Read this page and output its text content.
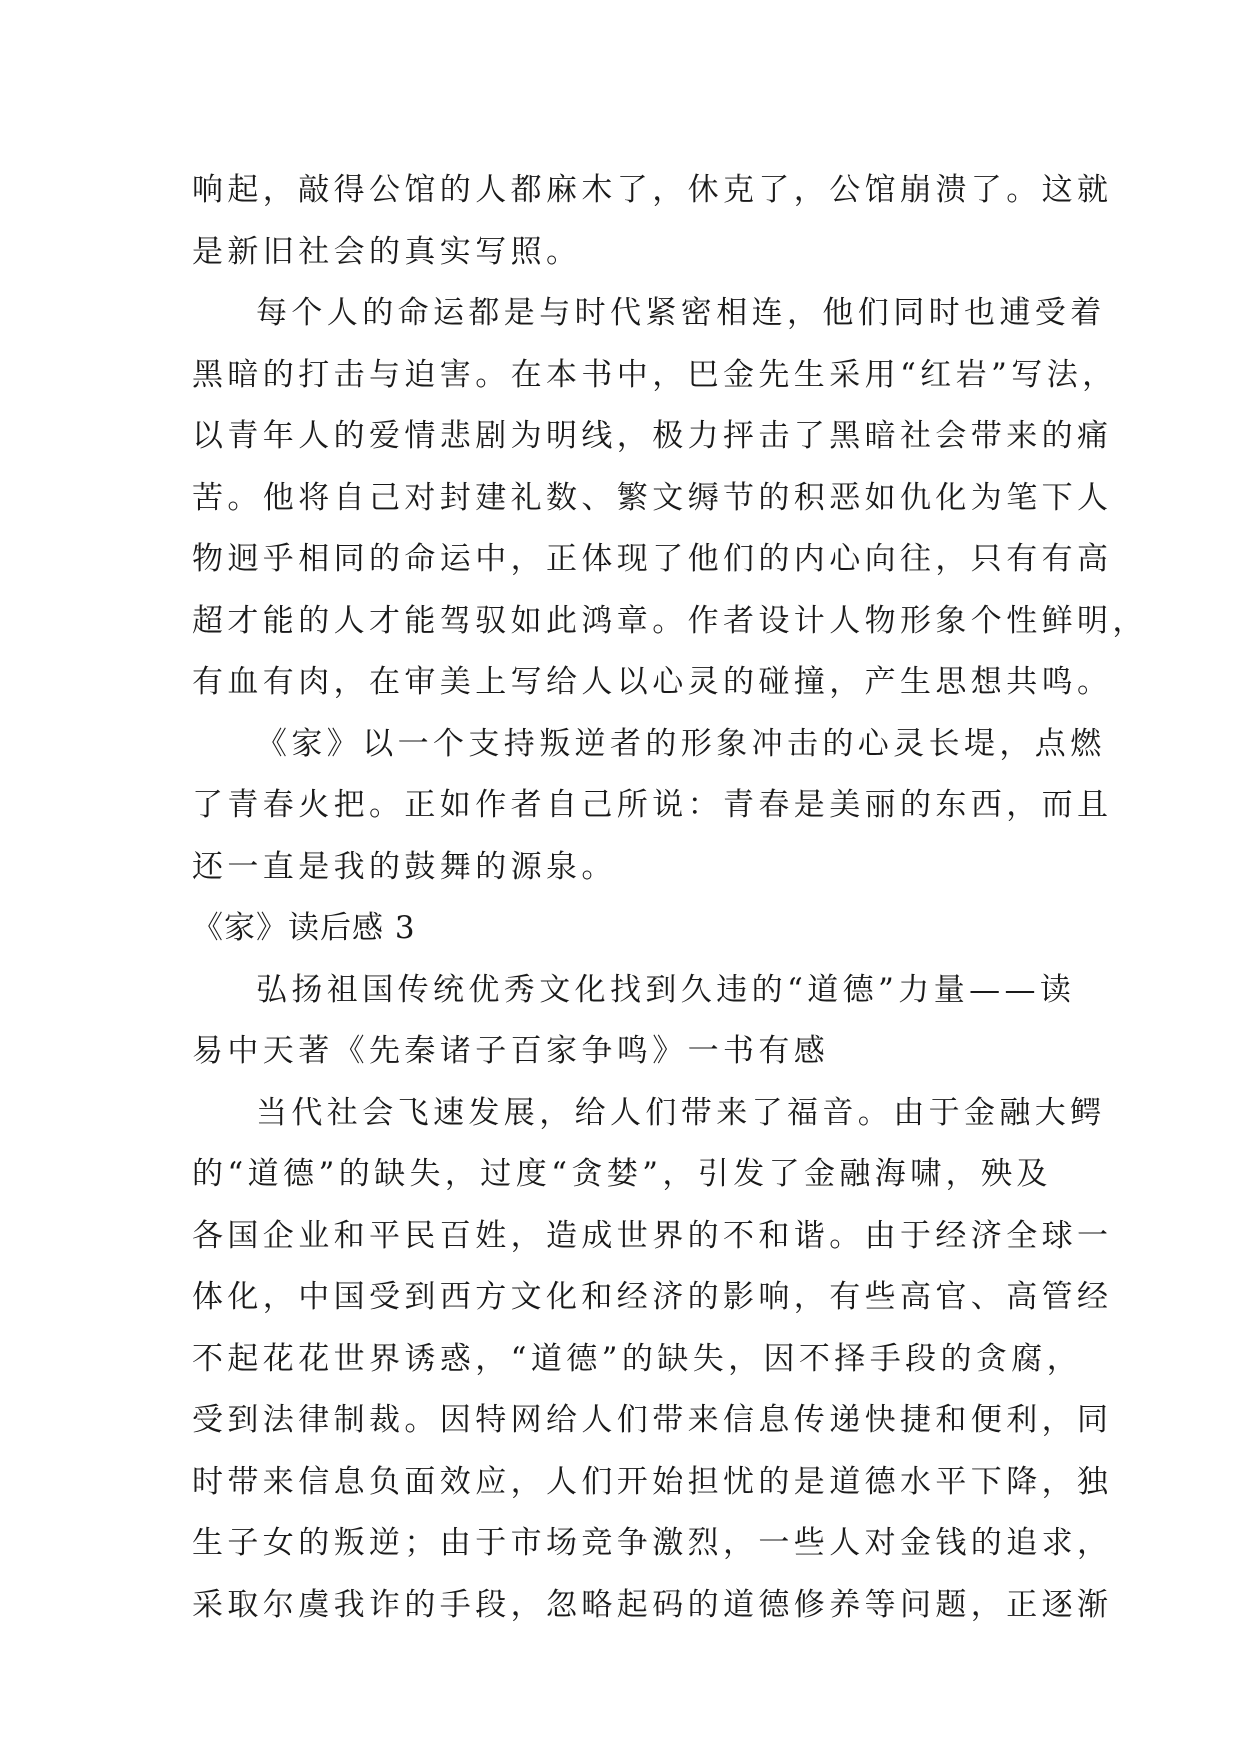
响起，敲得公馆的人都麻木了，休克了，公馆崩溃了。这就
是新旧社会的真实写照。
每个人的命运都是与时代紧密相连，他们同时也逋受着
黑暗的打击与迫害。在本书中，巴金先生采用“红岩”写法，
以青年人的爱情悲剧为明线，极力抨击了黑暗社会带来的痛
苦。他将自己对封建礼数、繁文缛节的积恶如仇化为笔下人
物迥乎相同的命运中，正体现了他们的内心向往，只有有高
超才能的人才能驾驭如此鸿章。作者设计人物形象个性鲜明，
有血有肉，在审美上写给人以心灵的碰撞，产生思想共鸣。
《家》以一个支持叛逆者的形象冲击的心灵长堤，点燃
了青春火把。正如作者自己所说：青春是美丽的东西，而且
还一直是我的鼓舞的源泉。
《家》读后感 3
弘扬祖国传统优秀文化找到久违的“道德”力量——读
易中天著《先秦诸子百家争鸣》一书有感
当代社会飞速发展，给人们带来了福音。由于金融大鳄
的“道德”的缺失，过度“贪婪”，引发了金融海啸，殃及
各国企业和平民百姓，造成世界的不和谐。由于经济全球一
体化，中国受到西方文化和经济的影响，有些高官、高管经
不起花花世界诱惑，“道德”的缺失，因不择手段的贪腐，
受到法律制裁。因特网给人们带来信息传递快捷和便利，同
时带来信息负面效应，人们开始担忧的是道德水平下降，独
生子女的叛逆；由于市场竞争激烈，一些人对金钱的追求，
采取尔虞我诈的手段，忽略起码的道德修养等问题，正逐渐
